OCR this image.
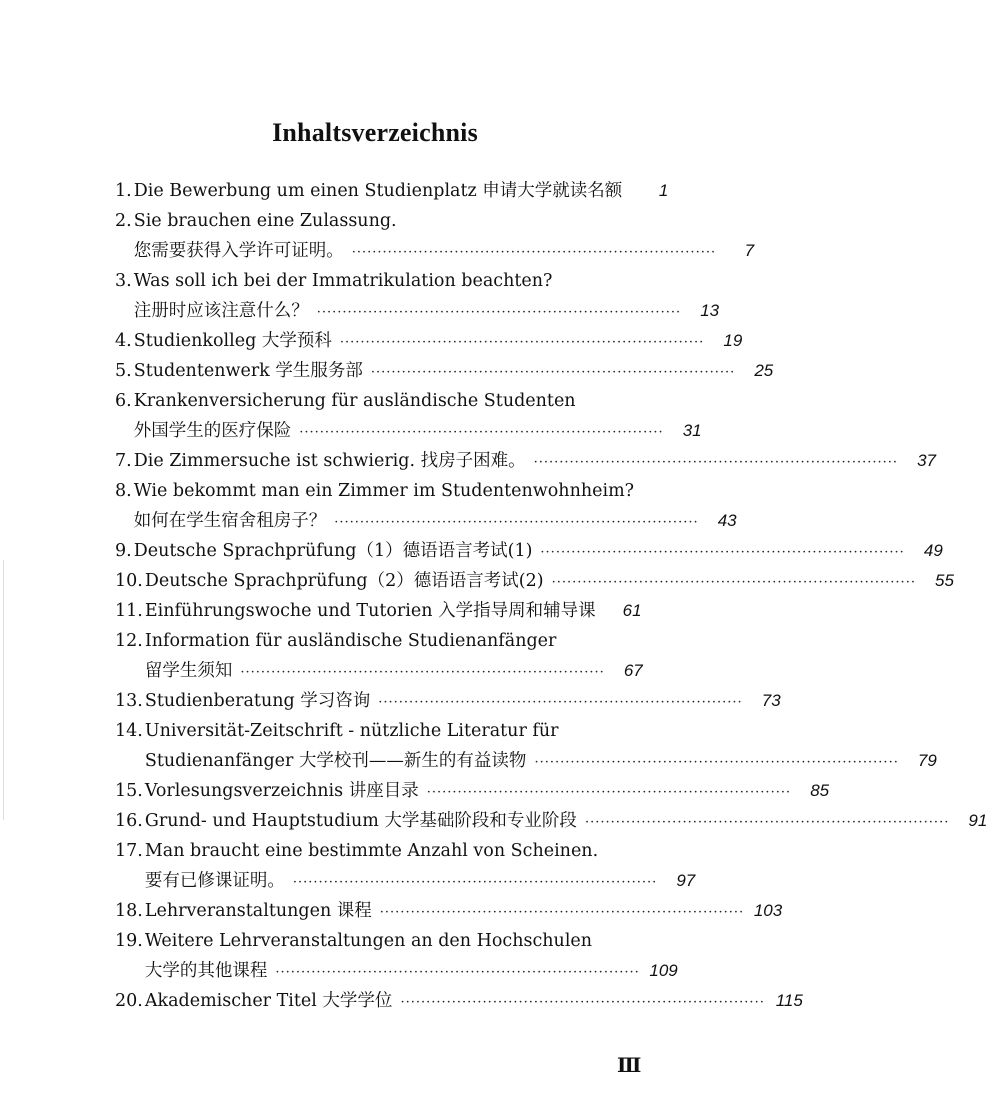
Inhaltsverzeichnis
1. Die Bewerbung um einen Studienplatz 申请大学就读名额	1
2. Sie brauchen eine Zulassung.
您需要获得入学许可证明。 ·······································································	7
3. Was soll ich bei der Immatrikulation beachten?
注册时应该注意什么？ ·······································································	13
4. Studienkolleg 大学预科 ·······································································	19
5. Studentenwerk 学生服务部 ·······································································	25
6. Krankenversicherung für ausländische Studenten
外国学生的医疗保险 ·······································································	31
7. Die Zimmersuche ist schwierig. 找房子困难。 ·······································································	37
8. Wie bekommt man ein Zimmer im Studentenwohnheim?
如何在学生宿舍租房子？ ·······································································	43
9. Deutsche Sprachprüfung（1）德语语言考试(1) ·······································································	49
10. Deutsche Sprachprüfung（2）德语语言考试(2) ·······································································	55
11. Einführungswoche und Tutorien 入学指导周和辅导课	61
12. Information für ausländische Studienanfänger
留学生须知 ·······································································	67
13. Studienberatung 学习咨询 ·······································································	73
14. Universität-Zeitschrift - nützliche Literatur für
Studienanfänger 大学校刊——新生的有益读物 ·······································································	79
15. Vorlesungsverzeichnis 讲座目录 ·······································································	85
16. Grund- und Hauptstudium 大学基础阶段和专业阶段 ·······································································	91
17. Man braucht eine bestimmte Anzahl von Scheinen.
要有已修课证明。 ·······································································	97
18. Lehrveranstaltungen 课程 ······································································· 103
19. Weitere Lehrveranstaltungen an den Hochschulen
大学的其他课程 ······································································· 109
20. Akademischer Titel 大学学位 ······································································· 115
Ⅲ
